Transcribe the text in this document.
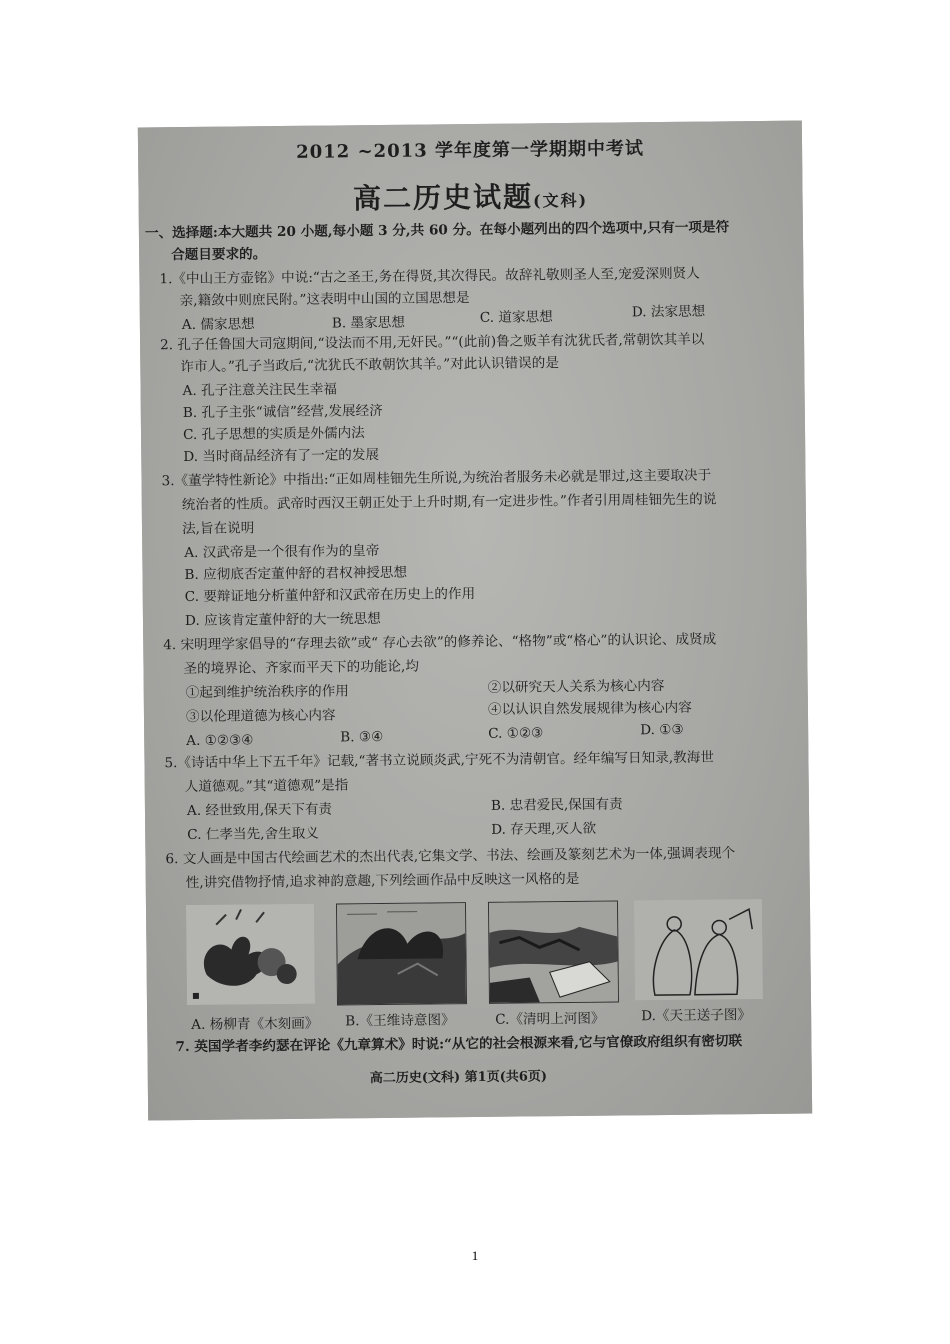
2012 ~2013 学年度第一学期期中考试
高二历史试题(文科)
一、选择题:本大题共 20 小题,每小题 3 分,共 60 分。在每小题列出的四个选项中,只有一项是符
合题目要求的。
1.《中山王方壶铭》中说:“古之圣王,务在得贤,其次得民。故辞礼敬则圣人至,宠爱深则贤人
亲,籍敛中则庶民附。”这表明中山国的立国思想是
A. 儒家思想	B. 墨家思想	C. 道家思想	D. 法家思想
2. 孔子任鲁国大司寇期间,“设法而不用,无奸民。”“(此前)鲁之贩羊有沈犹氏者,常朝饮其羊以
诈市人。”孔子当政后,“沈犹氏不敢朝饮其羊。”对此认识错误的是
A. 孔子注意关注民生幸福
B. 孔子主张“诚信”经营,发展经济
C. 孔子思想的实质是外儒内法
D. 当时商品经济有了一定的发展
3.《董学特性新论》中指出:“正如周桂钿先生所说,为统治者服务未必就是罪过,这主要取决于
统治者的性质。武帝时西汉王朝正处于上升时期,有一定进步性。”作者引用周桂钿先生的说
法,旨在说明
A. 汉武帝是一个很有作为的皇帝
B. 应彻底否定董仲舒的君权神授思想
C. 要辩证地分析董仲舒和汉武帝在历史上的作用
D. 应该肯定董仲舒的大一统思想
4. 宋明理学家倡导的“存理去欲”或“ 存心去欲”的修养论、“格物”或“格心”的认识论、成贤成
圣的境界论、齐家而平天下的功能论,均
①起到维护统治秩序的作用	②以研究天人关系为核心内容
③以伦理道德为核心内容	④以认识自然发展规律为核心内容
A. ①②③④	B. ③④	C. ①②③	D. ①③
5.《诗话中华上下五千年》记载,“著书立说顾炎武,宁死不为清朝官。经年编写日知录,教海世
人道德观。”其“道德观”是指
A. 经世致用,保天下有责	B. 忠君爱民,保国有责
C. 仁孝当先,舍生取义	D. 存天理,灭人欲
6. 文人画是中国古代绘画艺术的杰出代表,它集文学、书法、绘画及篆刻艺术为一体,强调表现个
性,讲究借物抒情,追求神韵意趣,下列绘画作品中反映这一风格的是
A. 杨柳青《木刻画》 B.《王维诗意图》	C.《清明上河图》	D.《天王送子图》
7. 英国学者李约瑟在评论《九章算术》时说:“从它的社会根源来看,它与官僚政府组织有密切联
高二历史(文科) 第1页(共6页)
1
